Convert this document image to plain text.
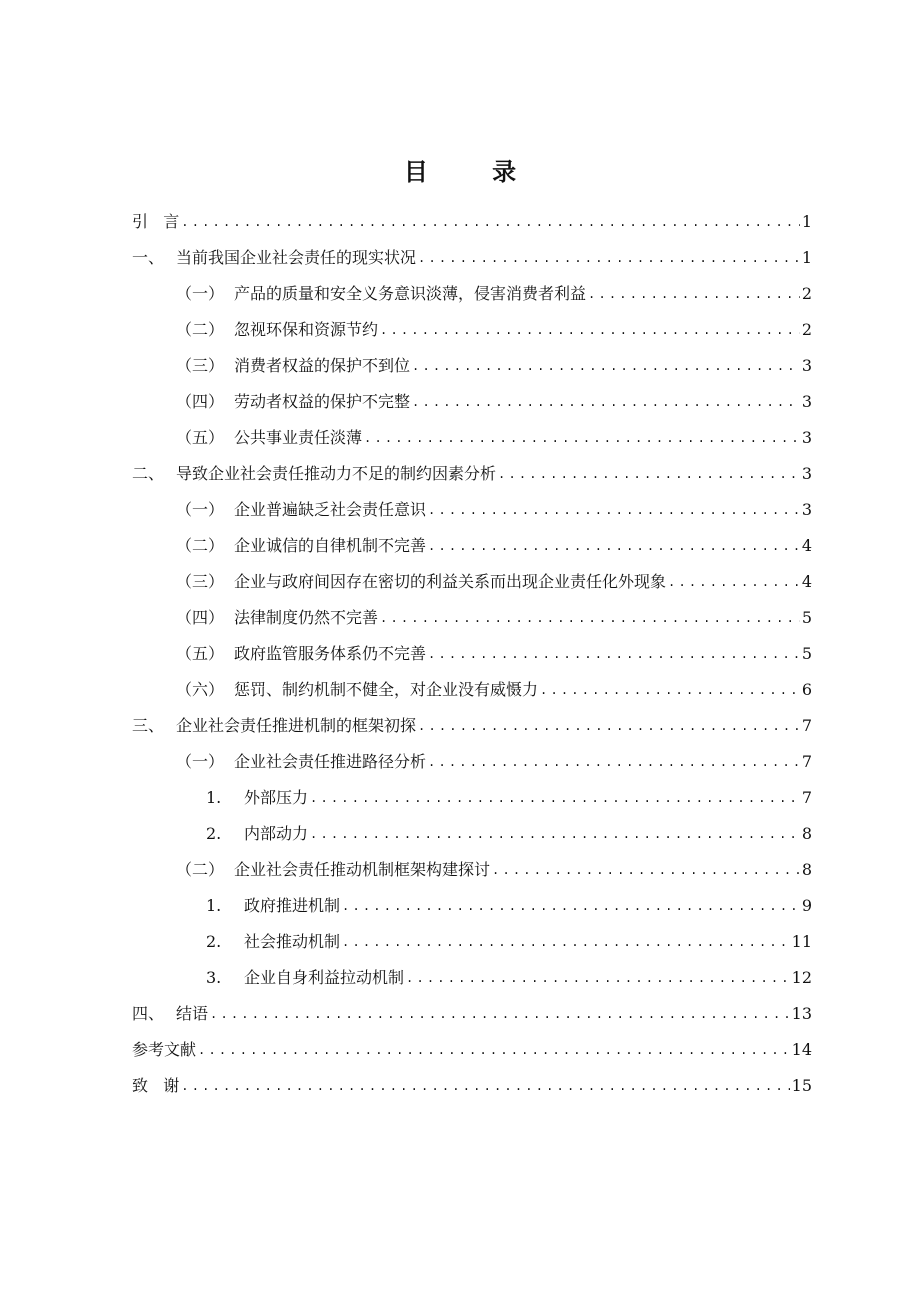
目 录
引   言 .....	1
一、 当前我国企业社会责任的现实状况 .....	1
（一） 产品的质量和安全义务意识淡薄，侵害消费者利益 .....	2
（二） 忽视环保和资源节约 .....	2
（三） 消费者权益的保护不到位 .....	3
（四） 劳动者权益的保护不完整 .....	3
（五） 公共事业责任淡薄 .....	3
二、 导致企业社会责任推动力不足的制约因素分析 .....	3
（一） 企业普遍缺乏社会责任意识 .....	3
（二） 企业诚信的自律机制不完善 .....	4
（三） 企业与政府间因存在密切的利益关系而出现企业责任化外现象 .....	4
（四） 法律制度仍然不完善 .....	5
（五） 政府监管服务体系仍不完善 .....	5
（六） 惩罚、制约机制不健全，对企业没有威慑力 .....	6
三、 企业社会责任推进机制的框架初探 .....	7
（一） 企业社会责任推进路径分析 .....	7
1.	外部压力 .....	7
2.	内部动力 .....	8
（二） 企业社会责任推动机制框架构建探讨 .....	8
1.	政府推进机制 .....	9
2.	社会推动机制 .....	11
3.	企业自身利益拉动机制 .....	12
四、 结语 .....	13
参考文献 .....	14
致   谢 .....	15
